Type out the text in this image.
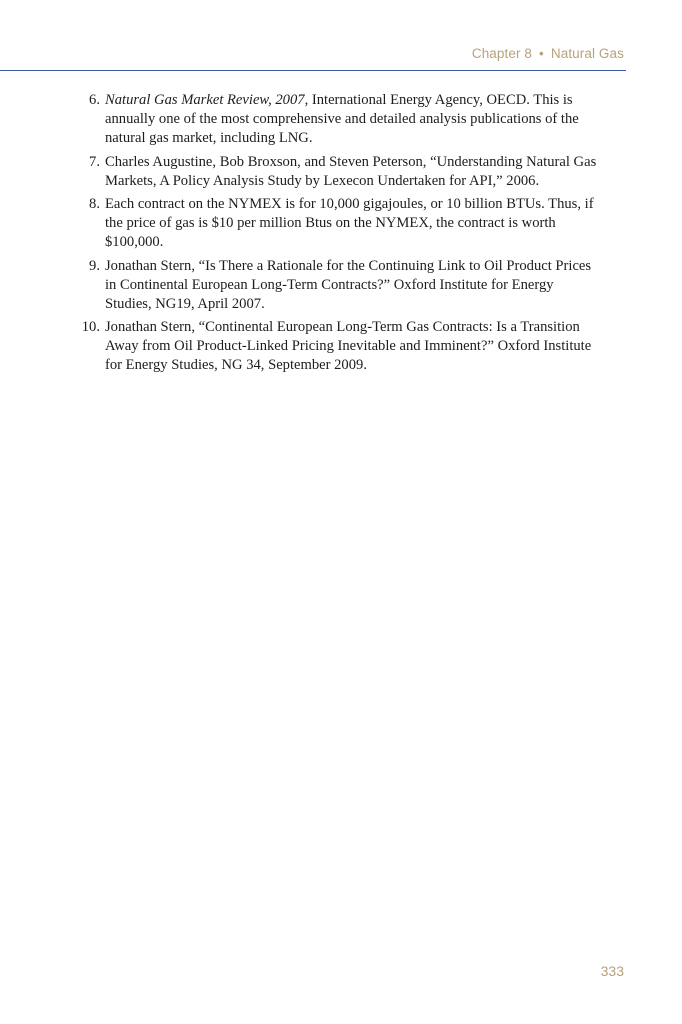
Chapter 8 • Natural Gas
6. Natural Gas Market Review, 2007, International Energy Agency, OECD. This is annually one of the most comprehensive and detailed analysis publications of the natural gas market, including LNG.
7. Charles Augustine, Bob Broxson, and Steven Peterson, “Understanding Natural Gas Markets, A Policy Analysis Study by Lexecon Undertaken for API,” 2006.
8. Each contract on the NYMEX is for 10,000 gigajoules, or 10 billion BTUs. Thus, if the price of gas is $10 per million Btus on the NYMEX, the contract is worth $100,000.
9. Jonathan Stern, “Is There a Rationale for the Continuing Link to Oil Product Prices in Continental European Long-Term Contracts?” Oxford Institute for Energy Studies, NG19, April 2007.
10. Jonathan Stern, “Continental European Long-Term Gas Contracts: Is a Transition Away from Oil Product-Linked Pricing Inevitable and Imminent?” Oxford Institute for Energy Studies, NG 34, September 2009.
333
